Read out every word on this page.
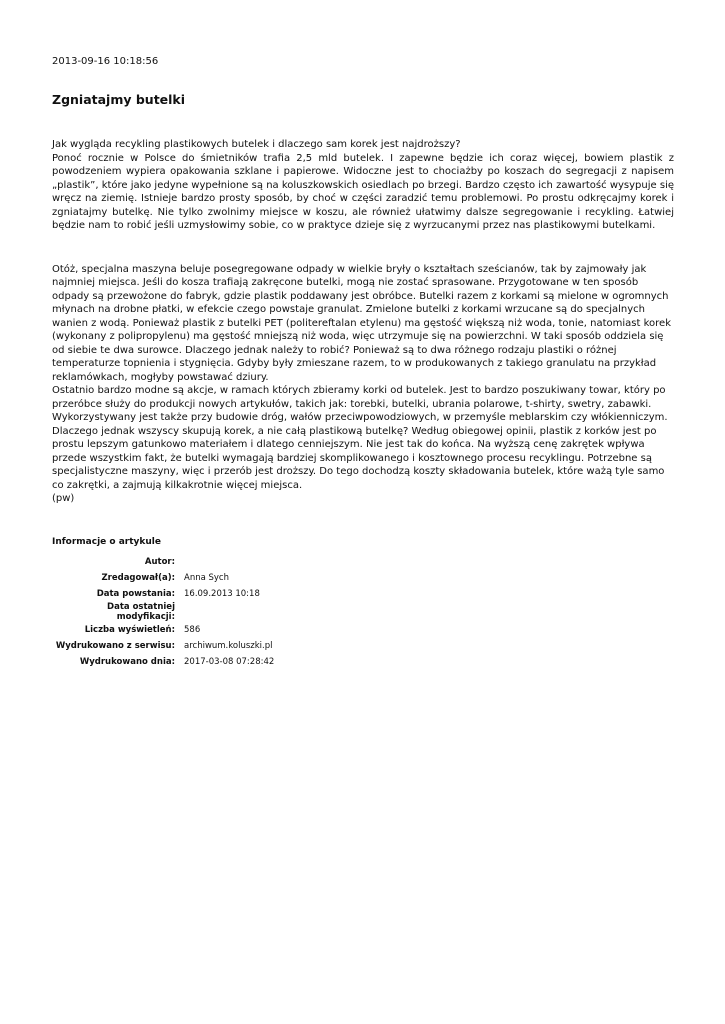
2013-09-16 10:18:56

Zgniatajmy butelki

Jak wygląda recykling plastikowych butelek i dlaczego sam korek jest najdroższy?
Ponoć rocznie w Polsce do śmietników trafia 2,5 mld butelek. I zapewne będzie ich coraz więcej, bowiem plastik z powodzeniem wypiera opakowania szklane i papierowe. Widoczne jest to chociażby po koszach do segregacji z napisem „plastik”, które jako jedyne wypełnione są na koluszkowskich osiedlach po brzegi. Bardzo często ich zawartość wysypuje się wręcz na ziemię. Istnieje bardzo prosty sposób, by choć w części zaradzić temu problemowi. Po prostu odkręcajmy korek i zgniatajmy butelkę. Nie tylko zwolnimy miejsce w koszu, ale również ułatwimy dalsze segregowanie i recykling. Łatwiej będzie nam to robić jeśli uzmysłowimy sobie, co w praktyce dzieje się z wyrzucanymi przez nas plastikowymi butelkami.

Otóż, specjalna maszyna beluje posegregowane odpady w wielkie bryły o kształtach sześcianów, tak by zajmowały jak najmniej miejsca. Jeśli do kosza trafiają zakręcone butelki, mogą nie zostać sprasowane. Przygotowane w ten sposób odpady są przewożone do fabryk, gdzie plastik poddawany jest obróbce. Butelki razem z korkami są mielone w ogromnych młynach na drobne płatki, w efekcie czego powstaje granulat. Zmielone butelki z korkami wrzucane są do specjalnych wanien z wodą. Ponieważ plastik z butelki PET (politereftalan etylenu) ma gęstość większą niż woda, tonie, natomiast korek (wykonany z polipropylenu) ma gęstość mniejszą niż woda, więc utrzymuje się na powierzchni. W taki sposób oddziela się od siebie te dwa surowce. Dlaczego jednak należy to robić? Ponieważ są to dwa różnego rodzaju plastiki o różnej temperaturze topnienia i stygnięcia. Gdyby były zmieszane razem, to w produkowanych z takiego granulatu na przykład reklamówkach, mogłyby powstawać dziury.
Ostatnio bardzo modne są akcje, w ramach których zbieramy korki od butelek. Jest to bardzo poszukiwany towar, który po przeróbce służy do produkcji nowych artykułów, takich jak: torebki, butelki, ubrania polarowe, t-shirty, swetry, zabawki. Wykorzystywany jest także przy budowie dróg, wałów przeciwpowodziowych, w przemyśle meblarskim czy włókienniczym.
Dlaczego jednak wszyscy skupują korek, a nie całą plastikową butelkę? Według obiegowej opinii, plastik z korków jest po prostu lepszym gatunkowo materiałem i dlatego cenniejszym. Nie jest tak do końca. Na wyższą cenę zakrętek wpływa przede wszystkim fakt, że butelki wymagają bardziej skomplikowanego i kosztownego procesu recyklingu. Potrzebne są specjalistyczne maszyny, więc i przerób jest droższy. Do tego dochodzą koszty składowania butelek, które ważą tyle samo co zakrętki, a zajmują kilkakrotnie więcej miejsca.
(pw)

Informacje o artykule
Autor:	
Zredagował(a):	Anna Sych
Data powstania:	16.09.2013 10:18
Data ostatniej modyfikacji:	
Liczba wyświetleń:	586
Wydrukowano z serwisu:	archiwum.koluszki.pl
Wydrukowano dnia:	2017-03-08 07:28:42
